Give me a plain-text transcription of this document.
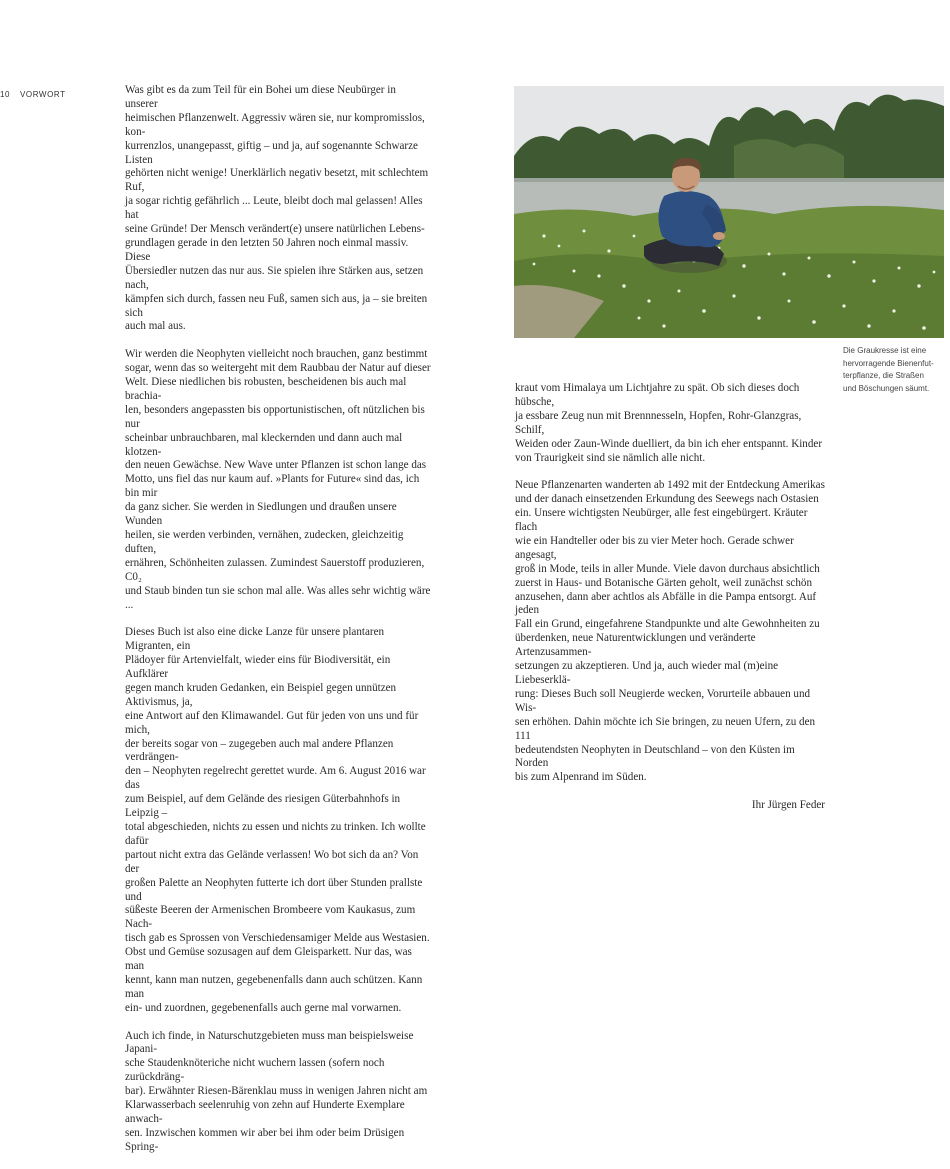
10 VORWORT	Was gibt es da zum Teil für ein Bohei um diese Neubürger in unserer
heimischen Pflanzenwelt. Aggressiv wären sie, nur kompromisslos, kon-
kurrenzlos, unangepasst, giftig – und ja, auf sogenannte Schwarze Listen
gehörten nicht wenige! Unerklärlich negativ besetzt, mit schlechtem Ruf,
ja sogar richtig gefährlich ... Leute, bleibt doch mal gelassen! Alles hat
seine Gründe! Der Mensch verändert(e) unsere natürlichen Lebens-
grundlagen gerade in den letzten 50 Jahren noch einmal massiv. Diese
Übersiedler nutzen das nur aus. Sie spielen ihre Stärken aus, setzen nach,
kämpfen sich durch, fassen neu Fuß, samen sich aus, ja – sie breiten sich
auch mal aus.

Wir werden die Neophyten vielleicht noch brauchen, ganz bestimmt
sogar, wenn das so weitergeht mit dem Raubbau der Natur auf dieser
Welt. Diese niedlichen bis robusten, bescheidenen bis auch mal brachia-
len, besonders angepassten bis opportunistischen, oft nützlichen bis nur
scheinbar unbrauchbaren, mal kleckernden und dann auch mal klotzen-
den neuen Gewächse. New Wave unter Pflanzen ist schon lange das
Motto, uns fiel das nur kaum auf. »Plants for Future« sind das, ich bin mir
da ganz sicher. Sie werden in Siedlungen und draußen unsere Wunden
heilen, sie werden verbinden, vernähen, zudecken, gleichzeitig duften,
ernähren, Schönheiten zulassen. Zumindest Sauerstoff produzieren, C0₂
und Staub binden tun sie schon mal alle. Was alles sehr wichtig wäre ...

Dieses Buch ist also eine dicke Lanze für unsere plantaren Migranten, ein
Plädoyer für Artenvielfalt, wieder eins für Biodiversität, ein Aufklärer
gegen manch kruden Gedanken, ein Beispiel gegen unnützen Aktivismus, ja,
eine Antwort auf den Klimawandel. Gut für jeden von uns und für mich,
der bereits sogar von – zugegeben auch mal andere Pflanzen verdrängen-
den – Neophyten regelrecht gerettet wurde. Am 6. August 2016 war das
zum Beispiel, auf dem Gelände des riesigen Güterbahnhofs in Leipzig –
total abgeschieden, nichts zu essen und nichts zu trinken. Ich wollte dafür
partout nicht extra das Gelände verlassen! Wo bot sich da an? Von der
großen Palette an Neophyten futterte ich dort über Stunden prallste und
süßeste Beeren der Armenischen Brombeere vom Kaukasus, zum Nach-
tisch gab es Sprossen von Verschiedensamiger Melde aus Westasien.
Obst und Gemüse sozusagen auf dem Gleisparkett. Nur das, was man
kennt, kann man nutzen, gegebenenfalls dann auch schützen. Kann man
ein- und zuordnen, gegebenenfalls auch gerne mal vorwarnen.

Auch ich finde, in Naturschutzgebieten muss man beispielsweise Japani-
sche Staudenknöteriche nicht wuchern lassen (sofern noch zurückdräng-
bar). Erwähnter Riesen-Bärenklau muss in wenigen Jahren nicht am
Klarwasserbach seelenruhig von zehn auf Hunderte Exemplare anwach-
sen. Inzwischen kommen wir aber bei ihm oder beim Drüsigen Spring-

Die Graukresse ist eine
hervorragende Bienenfut-
terpflanze, die Straßen
und Böschungen säumt.

kraut vom Himalaya um Lichtjahre zu spät. Ob sich dieses doch hübsche,
ja essbare Zeug nun mit Brennnesseln, Hopfen, Rohr-Glanzgras, Schilf,
Weiden oder Zaun-Winde duelliert, da bin ich eher entspannt. Kinder
von Traurigkeit sind sie nämlich alle nicht.

Neue Pflanzenarten wanderten ab 1492 mit der Entdeckung Amerikas
und der danach einsetzenden Erkundung des Seewegs nach Ostasien
ein. Unsere wichtigsten Neubürger, alle fest eingebürgert. Kräuter flach
wie ein Handteller oder bis zu vier Meter hoch. Gerade schwer angesagt,
groß in Mode, teils in aller Munde. Viele davon durchaus absichtlich
zuerst in Haus- und Botanische Gärten geholt, weil zunächst schön
anzusehen, dann aber achtlos als Abfälle in die Pampa entsorgt. Auf jeden
Fall ein Grund, eingefahrene Standpunkte und alte Gewohnheiten zu
überdenken, neue Naturentwicklungen und veränderte Artenzusammen-
setzungen zu akzeptieren. Und ja, auch wieder mal (m)eine Liebeserklä-
rung: Dieses Buch soll Neugierde wecken, Vorurteile abbauen und Wis-
sen erhöhen. Dahin möchte ich Sie bringen, zu neuen Ufern, zu den 111
bedeutendsten Neophyten in Deutschland – von den Küsten im Norden
bis zum Alpenrand im Süden.

Ihr Jürgen Feder
